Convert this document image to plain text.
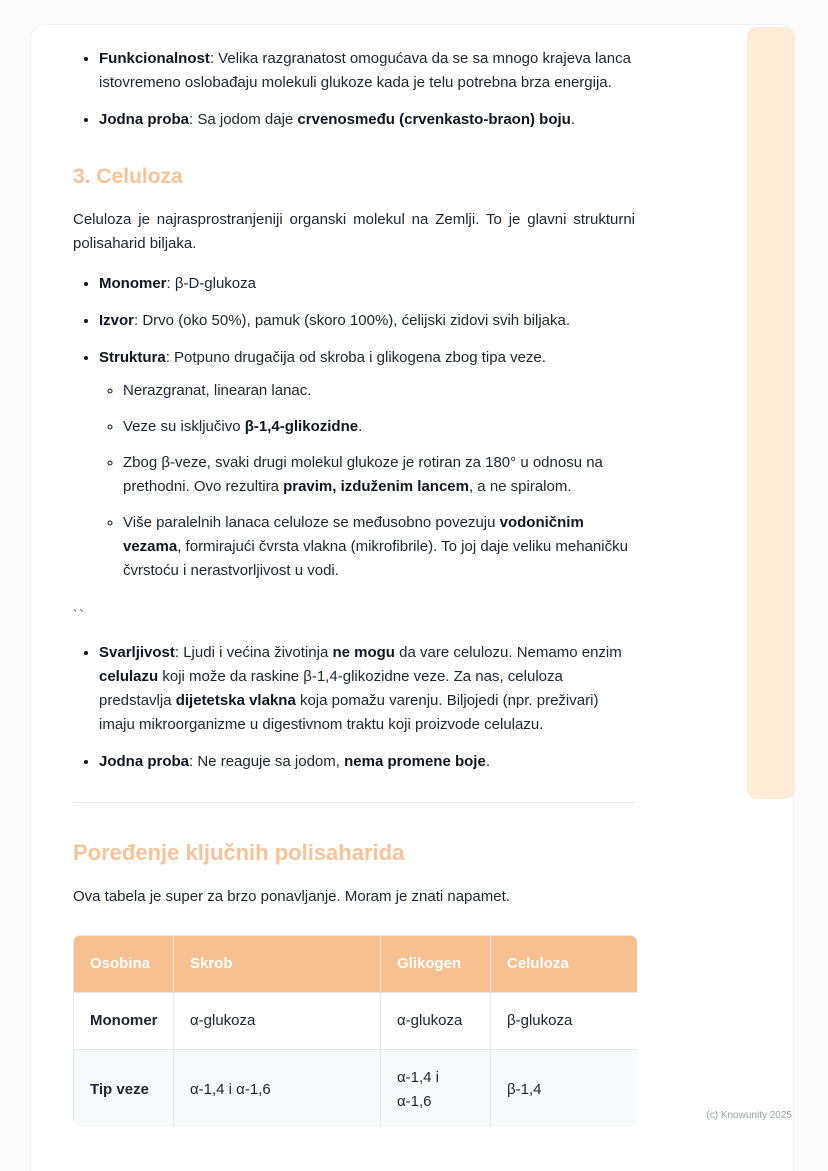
• Funkcionalnost: Velika razgranatost omogućava da se sa mnogo krajeva lanca istovremeno oslobađaju molekuli glukoze kada je telu potrebna brza energija.
• Jodna proba: Sa jodom daje crvenosmeđu (crvenkasto-braon) boju.
3. Celuloza

Celuloza je najrasprostranjeniji organski molekul na Zemlji. To je glavni strukturni polisaharid biljaka.

• Monomer: β-D-glukoza
• Izvor: Drvo (oko 50%), pamuk (skoro 100%), ćelijski zidovi svih biljaka.
• Struktura: Potpuno drugačija od skroba i glikogena zbog tipa veze.
◦ Nerazgranat, linearan lanac.
◦ Veze su isključivo β-1,4-glikozidne.
◦ Zbog β-veze, svaki drugi molekul glukoze je rotiran za 180° u odnosu na prethodni. Ovo rezultira pravim, izduženim lancem, a ne spiralom.
◦ Više paralelnih lanaca celuloze se međusobno povezuju vodoničnim vezama, formirajući čvrsta vlakna (mikrofibrile). To joj daje veliku mehaničku čvrstoću i nerastvorljivost u vodi.
``
• Svarljivost: Ljudi i većina životinja ne mogu da vare celulozu. Nemamo enzim celulazu koji može da raskine β-1,4-glikozidne veze. Za nas, celuloza predstavlja dijetetska vlakna koja pomažu varenju. Biljojedi (npr. preživari) imaju mikroorganizme u digestivnom traktu koji proizvode celulazu.
• Jodna proba: Ne reaguje sa jodom, nema promene boje.
Poređenje ključnih polisaharida

Ova tabela je super za brzo ponavljanje. Moram je znati napamet.

Osobina	Skrob	Glikogen	Celuloza
Monomer	α-glukoza	α-glukoza	β-glukoza
Tip veze	α-1,4 i α-1,6	α-1,4 i α-1,6	β-1,4

(c) Knowunity 2025
